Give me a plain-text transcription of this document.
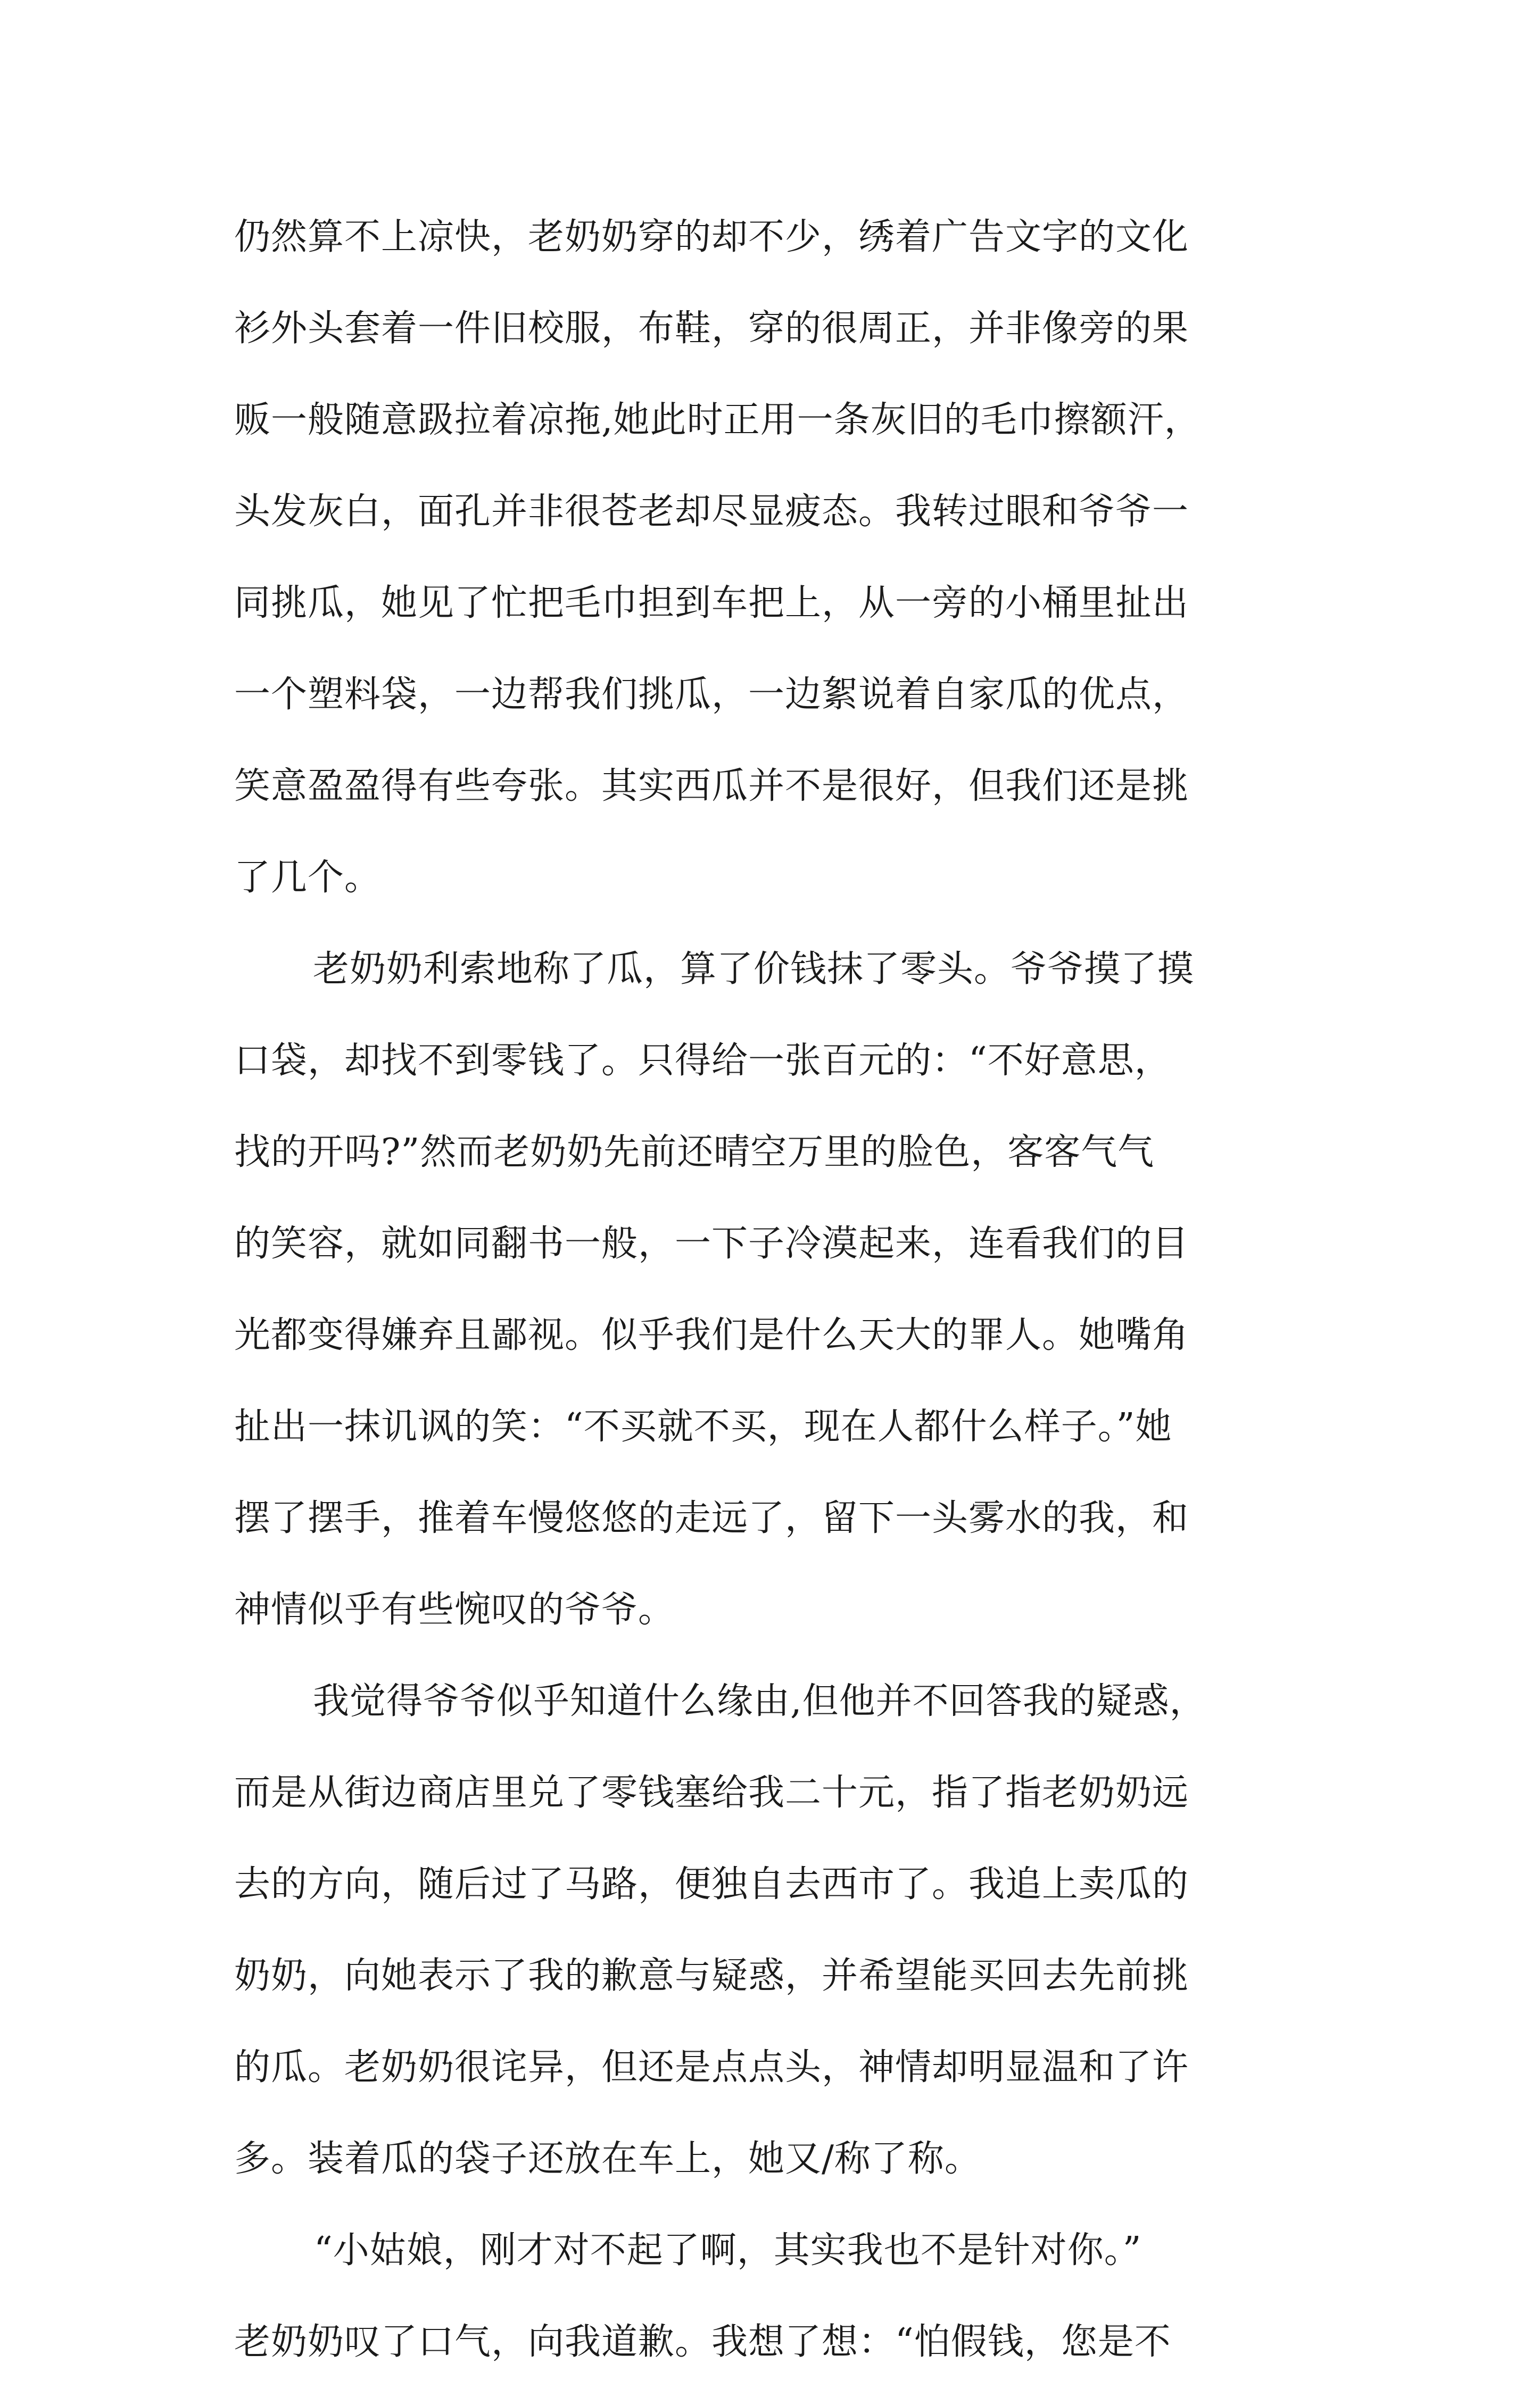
仍然算不上凉快，老奶奶穿的却不少，绣着广告文字的文化
衫外头套着一件旧校服，布鞋，穿的很周正，并非像旁的果
贩一般随意趿拉着凉拖,她此时正用一条灰旧的毛巾擦额汗，
头发灰白，面孔并非很苍老却尽显疲态。我转过眼和爷爷一
同挑瓜，她见了忙把毛巾担到车把上，从一旁的小桶里扯出
一个塑料袋，一边帮我们挑瓜，一边絮说着自家瓜的优点，
笑意盈盈得有些夸张。其实西瓜并不是很好，但我们还是挑
了几个。
老奶奶利索地称了瓜，算了价钱抹了零头。爷爷摸了摸
口袋，却找不到零钱了。只得给一张百元的：“不好意思，
找的开吗?”然而老奶奶先前还晴空万里的脸色，客客气气
的笑容，就如同翻书一般，一下子冷漠起来，连看我们的目
光都变得嫌弃且鄙视。似乎我们是什么天大的罪人。她嘴角
扯出一抹讥讽的笑：“不买就不买，现在人都什么样子。”她
摆了摆手，推着车慢悠悠的走远了，留下一头雾水的我，和
神情似乎有些惋叹的爷爷。
我觉得爷爷似乎知道什么缘由,但他并不回答我的疑惑，
而是从街边商店里兑了零钱塞给我二十元，指了指老奶奶远
去的方向，随后过了马路，便独自去西市了。我追上卖瓜的
奶奶，向她表示了我的歉意与疑惑，并希望能买回去先前挑
的瓜。老奶奶很诧异，但还是点点头，神情却明显温和了许
多。装着瓜的袋子还放在车上，她又/称了称。
“小姑娘，刚才对不起了啊，其实我也不是针对你。”
老奶奶叹了口气，向我道歉。我想了想：“怕假钱，您是不
